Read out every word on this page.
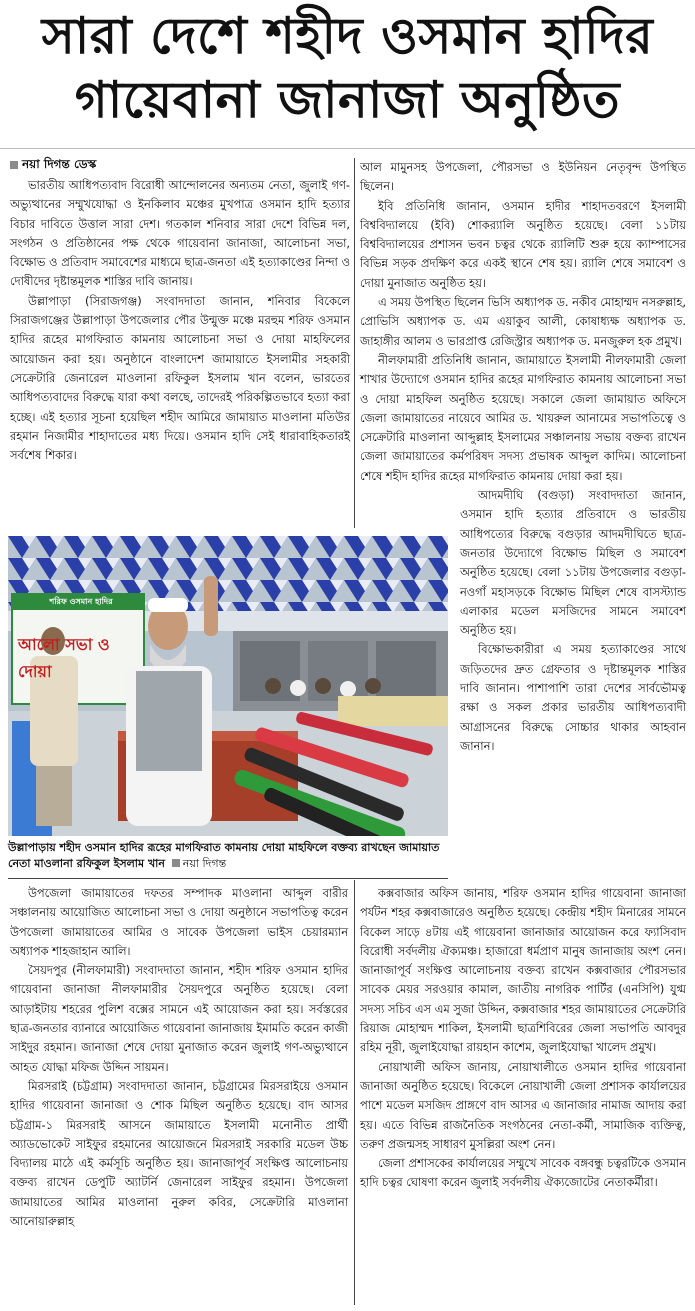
সারা দেশে শহীদ ওসমান হাদির
গায়েবানা জানাজা অনুষ্ঠিত
নয়া দিগন্ত ডেস্ক

ভারতীয় আধিপত্যবাদ বিরোধী আন্দোলনের অন্যতম নেতা, জুলাই গণ-অভ্যুত্থানের সম্মুখযোদ্ধা ও ইনকিলাব মঞ্চের মুখপাত্র ওসমান হাদি হত্যার বিচার দাবিতে উত্তাল সারা দেশ। গতকাল শনিবার সারা দেশে বিভিন্ন দল, সংগঠন ও প্রতিষ্ঠানের পক্ষ থেকে গায়েবানা জানাজা, আলোচনা সভা, বিক্ষোভ ও প্রতিবাদ সমাবেশের মাধ্যমে ছাত্র-জনতা এই হত্যাকাণ্ডের নিন্দা ও দোষীদের দৃষ্টান্তমূলক শাস্তির দাবি জানায়।

উল্লাপাড়া (সিরাজগঞ্জ) সংবাদদাতা জানান, শনিবার বিকেলে সিরাজগঞ্জের উল্লাপাড়া উপজেলার পৌর উন্মুক্ত মঞ্চে মরহুম শরিফ ওসমান হাদির রূহের মাগফিরাত কামনায় আলোচনা সভা ও দোয়া মাহফিলের আয়োজন করা হয়। অনুষ্ঠানে বাংলাদেশ জামায়াতে ইসলামীর সহকারী সেক্রেটারি জেনারেল মাওলানা রফিকুল ইসলাম খান বলেন, ভারতের আধিপত্যবাদের বিরুদ্ধে যারা কথা বলছে, তাদেরই পরিকল্পিতভাবে হত্যা করা হচ্ছে। এই হত্যার সূচনা হয়েছিল শহীদ আমিরে জামায়াত মাওলানা মতিউর রহমান নিজামীর শাহাদাতের মধ্য দিয়ে। ওসমান হাদি সেই ধারাবাহিকতারই সর্বশেষ শিকার।

আল মামুনসহ উপজেলা, পৌরসভা ও ইউনিয়ন নেতৃবৃন্দ উপস্থিত ছিলেন।

ইবি প্রতিনিধি জানান, ওসমান হাদীর শাহাদতবরণে ইসলামী বিশ্ববিদ্যালয়ে (ইবি) শোকর‌্যালি অনুষ্ঠিত হয়েছে। বেলা ১১টায় বিশ্ববিদ্যালয়ের প্রশাসন ভবন চত্বর থেকে র‌্যালিটি শুরু হয়ে ক্যাম্পাসের বিভিন্ন সড়ক প্রদক্ষিণ করে একই স্থানে শেষ হয়। র‌্যালি শেষে সমাবেশ ও দোয়া মুনাজাত অনুষ্ঠিত হয়।

এ সময় উপস্থিত ছিলেন ভিসি অধ্যাপক ড. নকীব মোহাম্মদ নসরুল্লাহ, প্রোভিসি অধ্যাপক ড. এম এয়াকুব আলী, কোষাধ্যক্ষ অধ্যাপক ড. জাহাঙ্গীর আলম ও ভারপ্রাপ্ত রেজিস্ট্রার অধ্যাপক ড. মনজুরুল হক প্রমুখ।

নীলফামারী প্রতিনিধি জানান, জামায়াতে ইসলামী নীলফামারী জেলা শাখার উদ্যোগে ওসমান হাদির রূহের মাগফিরাত কামনায় আলোচনা সভা ও দোয়া মাহফিল অনুষ্ঠিত হয়েছে। সকালে জেলা জামায়াত অফিসে জেলা জামায়াতের নায়েবে আমির ড. খায়রুল আনামের সভাপতিত্বে ও সেক্রেটারি মাওলানা আব্দুল্লাহ ইসলামের সঞ্চালনায় সভায় বক্তব্য রাখেন জেলা জামায়াতের কর্মপরিষদ সদস্য প্রভাষক আব্দুল কাদিম। আলোচনা শেষে শহীদ হাদির রূহের মাগফিরাত কামনায় দোয়া করা হয়।

আদমদীঘি (বগুড়া) সংবাদদাতা জানান, ওসমান হাদি হত্যার প্রতিবাদে ও ভারতীয় আধিপত্যের বিরুদ্ধে বগুড়ার আদমদীঘিতে ছাত্র-জনতার উদ্যোগে বিক্ষোভ মিছিল ও সমাবেশ অনুষ্ঠিত হয়েছে। বেলা ১১টায় উপজেলার বগুড়া-নওগাঁ মহাসড়কে বিক্ষোভ মিছিল শেষে বাসস্ট্যান্ড এলাকার মডেল মসজিদের সামনে সমাবেশ অনুষ্ঠিত হয়।

বিক্ষোভকারীরা এ সময় হত্যাকাণ্ডের সাথে জড়িতদের দ্রুত গ্রেফতার ও দৃষ্টান্তমূলক শাস্তির দাবি জানান। পাশাপাশি তারা দেশের সার্বভৌমত্ব রক্ষা ও সকল প্রকার ভারতীয় আধিপত্যবাদী আগ্রাসনের বিরুদ্ধে সোচ্চার থাকার আহবান জানান।

শরিফ ওসমান হাদির
আলো সভা ও দোয়া
উল্লাপাড়ায় শহীদ ওসমান হাদির রূহের মাগফিরাত কামনায় দোয়া মাহফিলে বক্তব্য রাখছেন জামায়াত নেতা মাওলানা রফিকুল ইসলাম খান নয়া দিগন্ত

উপজেলা জামায়াতের দফতর সম্পাদক মাওলানা আব্দুল বারীর সঞ্চালনায় আয়োজিত আলোচনা সভা ও দোয়া অনুষ্ঠানে সভাপতিত্ব করেন উপজেলা জামায়াতের আমির ও সাবেক উপজেলা ভাইস চেয়ারম্যান অধ্যাপক শাহজাহান আলি।

সৈয়দপুর (নীলফামারী) সংবাদদাতা জানান, শহীদ শরিফ ওসমান হাদির গায়েবানা জানাজা নীলফামারীর সৈয়দপুরে অনুষ্ঠিত হয়েছে। বেলা আড়াইটায় শহরের পুলিশ বক্সের সামনে এই আয়োজন করা হয়। সর্বস্তরের ছাত্র-জনতার ব্যানারে আয়োজিত গায়েবানা জানাজায় ইমামতি করেন কাজী সাইদুর রহমান। জানাজা শেষে দোয়া মুনাজাত করেন জুলাই গণ-অভ্যুত্থানে আহত যোদ্ধা মফিজ উদ্দিন সায়মন।

মিরসরাই (চট্টগ্রাম) সংবাদদাতা জানান, চট্টগ্রামের মিরসরাইয়ে ওসমান হাদির গায়েবানা জানাজা ও শোক মিছিল অনুষ্ঠিত হয়েছে। বাদ আসর চট্টগ্রাম-১ মিরসরাই আসনে জামায়াতে ইসলামী মনোনীত প্রার্থী অ্যাডভোকেট সাইফুর রহমানের আয়োজনে মিরসরাই সরকারি মডেল উচ্চ বিদ্যালয় মাঠে এই কর্মসূচি অনুষ্ঠিত হয়। জানাজাপূর্ব সংক্ষিপ্ত আলোচনায় বক্তব্য রাখেন ডেপুটি অ্যাটর্নি জেনারেল সাইফুর রহমান। উপজেলা জামায়াতের আমির মাওলানা নুরুল কবির, সেক্রেটারি মাওলানা আনোয়ারুল্লাহ

কক্সবাজার অফিস জানায়, শরিফ ওসমান হাদির গায়েবানা জানাজা পর্যটন শহর কক্সবাজারেও অনুষ্ঠিত হয়েছে। কেন্দ্রীয় শহীদ মিনারের সামনে বিকেল সাড়ে ৪টায় এই গায়েবানা জানাজার আয়োজন করে ফ্যাসিবাদ বিরোধী সর্বদলীয় ঐক্যমঞ্চ। হাজারো ধর্মপ্রাণ মানুষ জানাজায় অংশ নেন। জানাজাপূর্ব সংক্ষিপ্ত আলোচনায় বক্তব্য রাখেন কক্সবাজার পৌরসভার সাবেক মেয়র সরওয়ার কামাল, জাতীয় নাগরিক পার্টির (এনসিপি) যুগ্ম সদস্য সচিব এস এম সুজা উদ্দিন, কক্সবাজার শহর জামায়াতের সেক্রেটারি রিয়াজ মোহাম্মদ শাকিল, ইসলামী ছাত্রশিবিরের জেলা সভাপতি আবদুর রহিম নূরী, জুলাইযোদ্ধা রায়হান কাশেম, জুলাইযোদ্ধা খালেদ প্রমুখ।

নোয়াখালী অফিস জানায়, নোয়াখালীতে ওসমান হাদির গায়েবানা জানাজা অনুষ্ঠিত হয়েছে। বিকেলে নোয়াখালী জেলা প্রশাসক কার্যালয়ের পাশে মডেল মসজিদ প্রাঙ্গণে বাদ আসর এ জানাজার নামাজ আদায় করা হয়। এতে বিভিন্ন রাজনৈতিক সংগঠনের নেতা-কর্মী, সামাজিক ব্যক্তিত্ব, তরুণ প্রজন্মসহ সাধারণ মুসল্লিরা অংশ নেন।

জেলা প্রশাসকের কার্যালয়ের সম্মুখে সাবেক বঙ্গবন্ধু চত্বরটিকে ওসমান হাদি চত্বর ঘোষণা করেন জুলাই সর্বদলীয় ঐক্যজোটের নেতাকর্মীরা।
